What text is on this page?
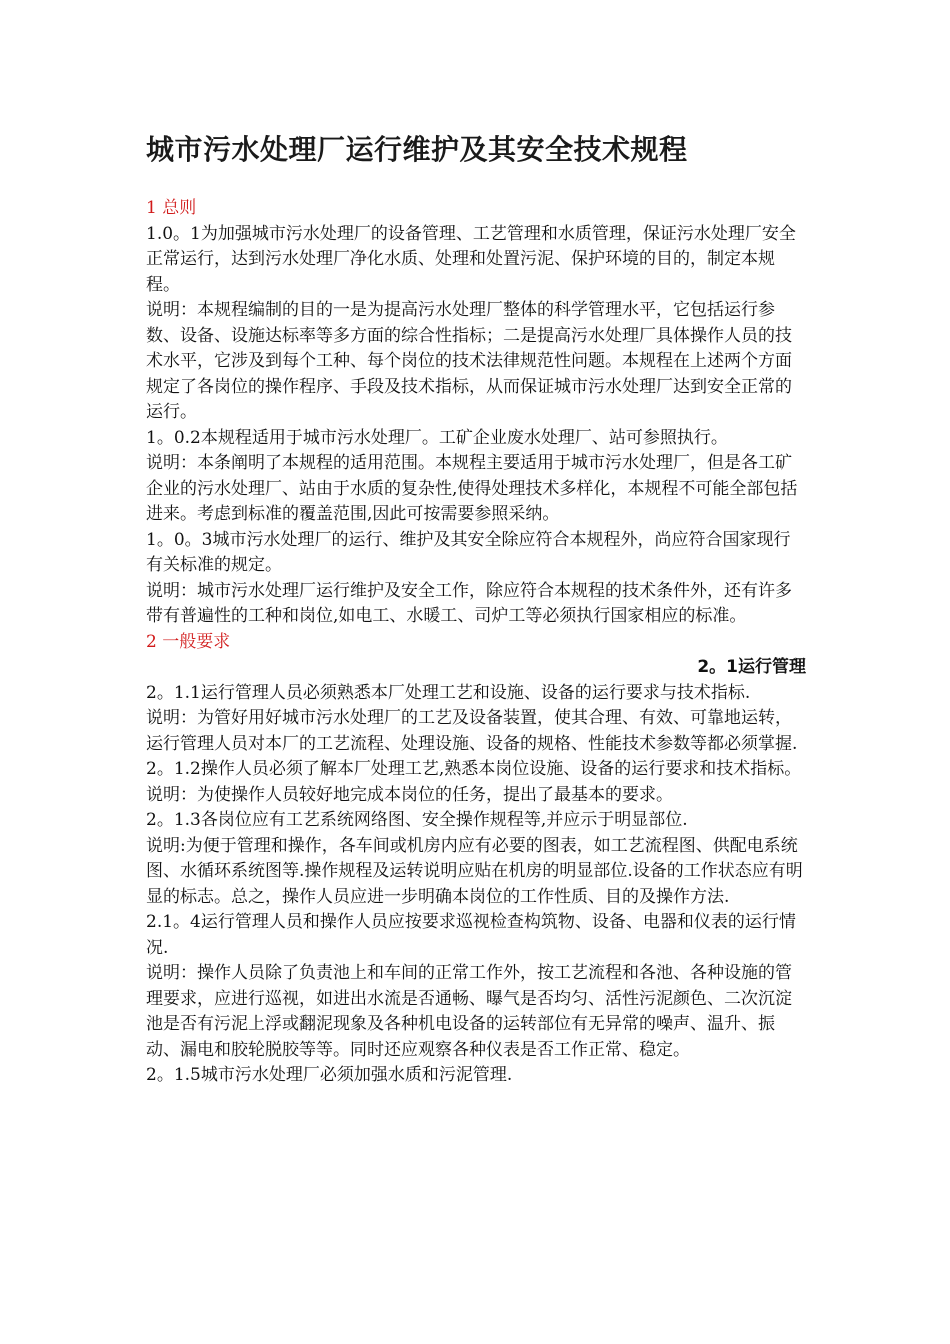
城市污水处理厂运行维护及其安全技术规程

1 总则

1.0。1为加强城市污水处理厂的设备管理、工艺管理和水质管理，保证污水处理厂安全正常运行，达到污水处理厂净化水质、处理和处置污泥、保护环境的目的，制定本规程。

说明：本规程编制的目的一是为提高污水处理厂整体的科学管理水平，它包括运行参数、设备、设施达标率等多方面的综合性指标；二是提高污水处理厂具体操作人员的技术水平，它涉及到每个工种、每个岗位的技术法律规范性问题。本规程在上述两个方面规定了各岗位的操作程序、手段及技术指标，从而保证城市污水处理厂达到安全正常的运行。

1。0.2本规程适用于城市污水处理厂。工矿企业废水处理厂、站可参照执行。

说明：本条阐明了本规程的适用范围。本规程主要适用于城市污水处理厂，但是各工矿企业的污水处理厂、站由于水质的复杂性,使得处理技术多样化，本规程不可能全部包括进来。考虑到标准的覆盖范围,因此可按需要参照采纳。

1。0。3城市污水处理厂的运行、维护及其安全除应符合本规程外，尚应符合国家现行有关标准的规定。

说明：城市污水处理厂运行维护及安全工作，除应符合本规程的技术条件外，还有许多带有普遍性的工种和岗位,如电工、水暖工、司炉工等必须执行国家相应的标准。

2 一般要求

2。1运行管理

2。1.1运行管理人员必须熟悉本厂处理工艺和设施、设备的运行要求与技术指标.

说明：为管好用好城市污水处理厂的工艺及设备装置，使其合理、有效、可靠地运转，运行管理人员对本厂的工艺流程、处理设施、设备的规格、性能技术参数等都必须掌握.

2。1.2操作人员必须了解本厂处理工艺,熟悉本岗位设施、设备的运行要求和技术指标。

说明：为使操作人员较好地完成本岗位的任务，提出了最基本的要求。

2。1.3各岗位应有工艺系统网络图、安全操作规程等,并应示于明显部位.

说明:为便于管理和操作，各车间或机房内应有必要的图表，如工艺流程图、供配电系统图、水循环系统图等.操作规程及运转说明应贴在机房的明显部位.设备的工作状态应有明显的标志。总之，操作人员应进一步明确本岗位的工作性质、目的及操作方法.

2.1。4运行管理人员和操作人员应按要求巡视检查构筑物、设备、电器和仪表的运行情况.

说明：操作人员除了负责池上和车间的正常工作外，按工艺流程和各池、各种设施的管理要求，应进行巡视，如进出水流是否通畅、曝气是否均匀、活性污泥颜色、二次沉淀池是否有污泥上浮或翻泥现象及各种机电设备的运转部位有无异常的噪声、温升、振动、漏电和胶轮脱胶等等。同时还应观察各种仪表是否工作正常、稳定。

2。1.5城市污水处理厂必须加强水质和污泥管理.
